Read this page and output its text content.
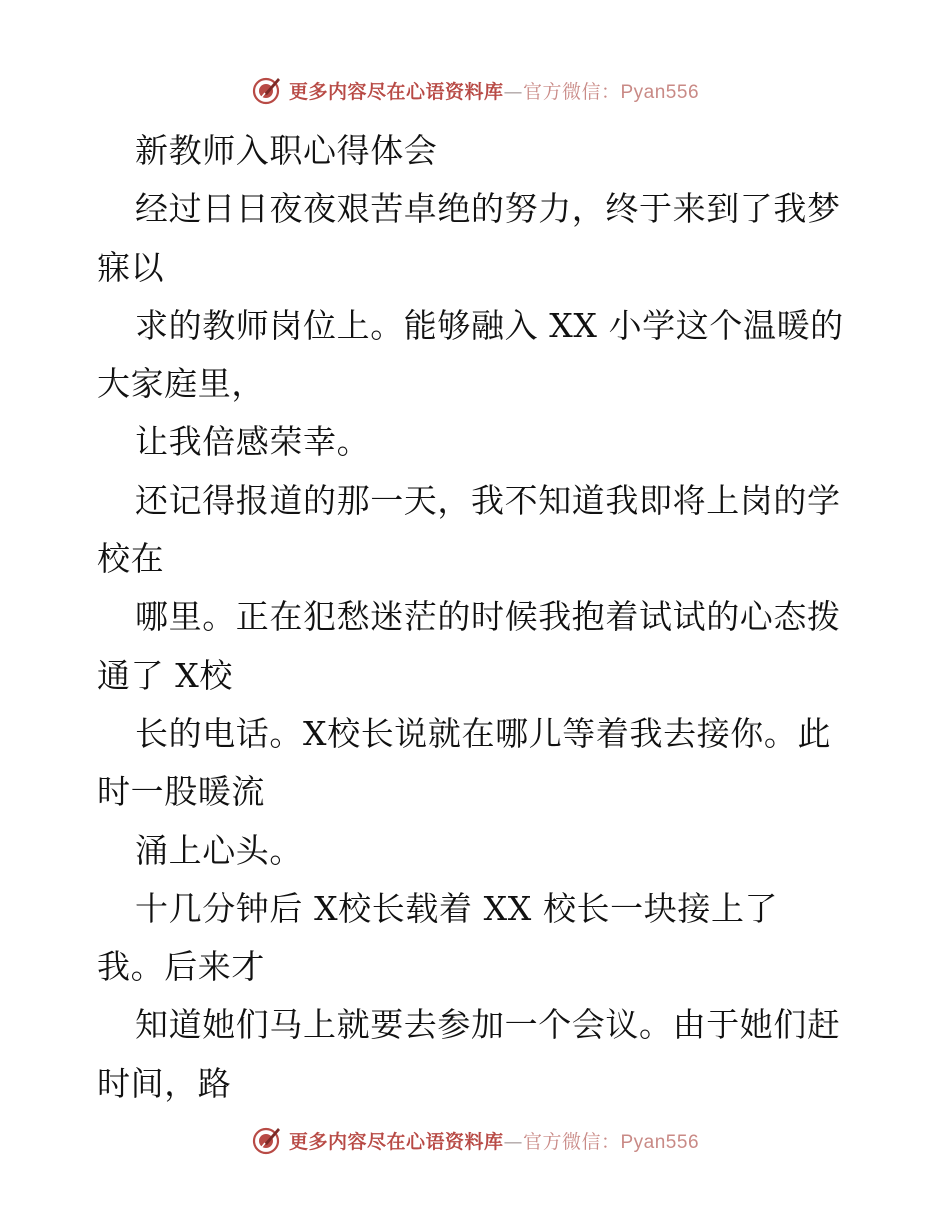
更多内容尽在心语资料库—官方微信：Pyan556
新教师入职心得体会
经过日日夜夜艰苦卓绝的努力，终于来到了我梦
寐以
求的教师岗位上。能够融入 XX 小学这个温暖的
大家庭里，
让我倍感荣幸。
还记得报道的那一天，我不知道我即将上岗的学
校在
哪里。正在犯愁迷茫的时候我抱着试试的心态拨
通了 X校
长的电话。X校长说就在哪儿等着我去接你。此
时一股暖流
涌上心头。
十几分钟后 X校长载着 XX 校长一块接上了
我。后来才
知道她们马上就要去参加一个会议。由于她们赶
时间，路
更多内容尽在心语资料库—官方微信：Pyan556
